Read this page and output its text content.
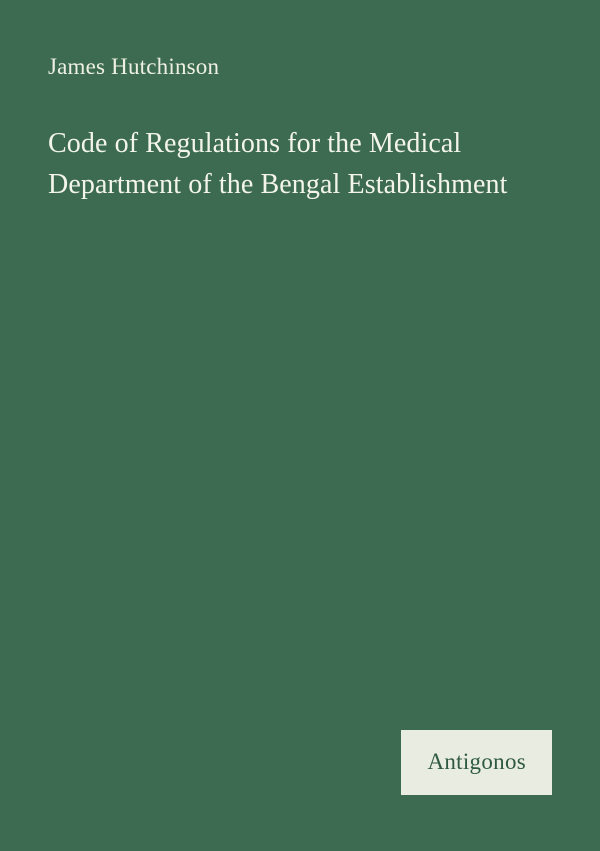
James Hutchinson
Code of Regulations for the Medical Department of the Bengal Establishment
Antigonos
